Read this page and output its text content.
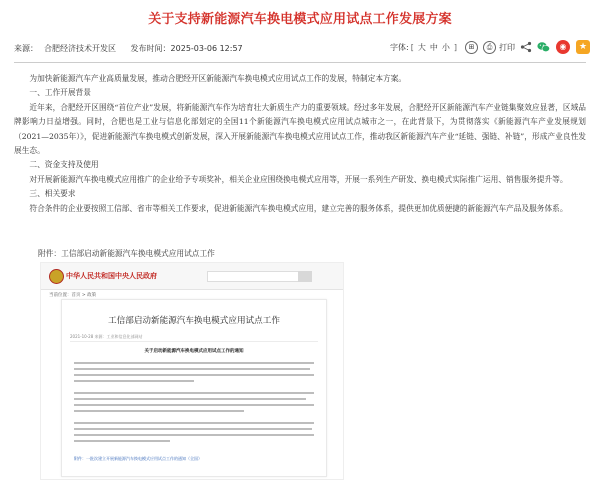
关于支持新能源汽车换电模式应用试点工作发展方案
来源： 合肥经济技术开发区 发布时间：2025-03-06 12:57	字体: [ 大 中 小 ]	⊞	⎙ 打印	◉	★

为加快新能源汽车产业高质量发展，推动合肥经开区新能源汽车换电模式应用试点工作的发展，特制定本方案。

一、工作开展背景

近年来，合肥经开区围绕“首位产业”发展，将新能源汽车作为培育壮大新质生产力的重要领域。经过多年发展，合肥经开区新能源汽车产业链集聚效应显著，区域品牌影响力日益增强。同时，合肥也是工业与信息化部划定的全国11个新能源汽车换电模式应用试点城市之一，在此背景下，为贯彻落实《新能源汽车产业发展规划（2021—2035年）》，促进新能源汽车换电模式创新发展，深入开展新能源汽车换电模式应用试点工作，推动我区新能源汽车产业“延链、强链、补链”，形成产业良性发展生态。

二、资金支持及使用

对开展新能源汽车换电模式应用推广的企业给予专项奖补，相关企业应围绕换电模式应用等，开展一系列生产研发、换电模式实际推广运用、销售服务提升等。

三、相关要求

符合条件的企业要按照工信部、省市等相关工作要求，促进新能源汽车换电模式应用，建立完善的服务体系，提供更加优质便捷的新能源汽车产品及服务体系。

附件：工信部启动新能源汽车换电模式应用试点工作
中华人民共和国中央人民政府
当前位置：首页 > 政策
工信部启动新能源汽车换电模式应用试点工作
2021-10-28 来源：工业和信息化部网站
关于启动新能源汽车换电模式应用试点工作的通知
附件：一批次建立开展新能源汽车换电模式应用试点工作的通知（全国）
